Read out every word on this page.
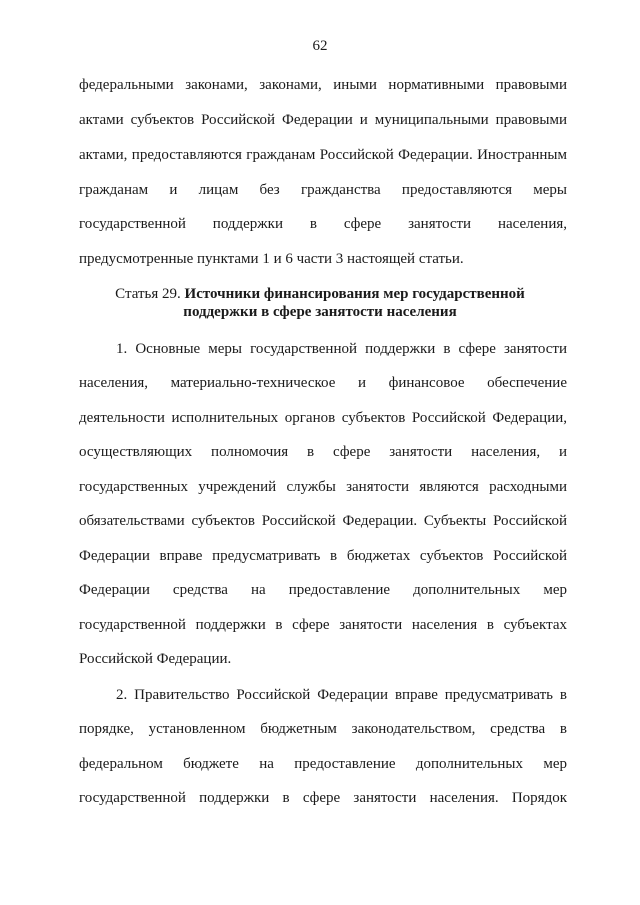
62
федеральными законами, законами, иными нормативными правовыми
актами субъектов Российской Федерации и муниципальными правовыми
актами, предоставляются гражданам Российской Федерации. Иностранным
гражданам и лицам без гражданства предоставляются меры
государственной поддержки в сфере занятости населения,
предусмотренные пунктами 1 и 6 части 3 настоящей статьи.
Статья 29. Источники финансирования мер государственной
поддержки в сфере занятости населения
1. Основные меры государственной поддержки в сфере занятости
населения, материально-техническое и финансовое обеспечение
деятельности исполнительных органов субъектов Российской Федерации,
осуществляющих полномочия в сфере занятости населения, и
государственных учреждений службы занятости являются расходными
обязательствами субъектов Российской Федерации. Субъекты Российской
Федерации вправе предусматривать в бюджетах субъектов Российской
Федерации средства на предоставление дополнительных мер
государственной поддержки в сфере занятости населения в субъектах
Российской Федерации.
2. Правительство Российской Федерации вправе предусматривать в
порядке, установленном бюджетным законодательством, средства в
федеральном бюджете на предоставление дополнительных мер
государственной поддержки в сфере занятости населения. Порядок
